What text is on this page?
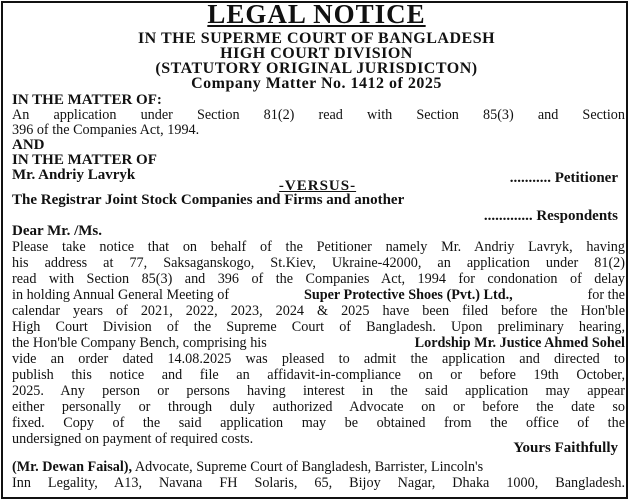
LEGAL NOTICE
IN THE SUPERME COURT OF BANGLADESH
HIGH COURT DIVISION
(STATUTORY ORIGINAL JURISDICTON)
Company Matter No. 1412 of 2025
IN THE MATTER OF:
An application under Section 81(2) read with Section 85(3) and Section
396 of the Companies Act, 1994.
AND
IN THE MATTER OF
Mr. Andriy Lavryk	........... Petitioner
-VERSUS-
The Registrar Joint Stock Companies and Firms and another
............. Respondents
Dear Mr. /Ms.
Please take notice that on behalf of the Petitioner namely Mr. Andriy Lavryk, having
his address at 77, Saksaganskogo, St.Kiev, Ukraine-42000, an application under 81(2)
read with Section 85(3) and 396 of the Companies Act, 1994 for condonation of delay
in holding Annual General Meeting of	Super Protective Shoes (Pvt.) Ltd.,	for the
calendar years of 2021, 2022, 2023, 2024 & 2025 have been filed before the Hon'ble
High Court Division of the Supreme Court of Bangladesh. Upon preliminary hearing,
the Hon'ble Company Bench, comprising his	Lordship Mr. Justice Ahmed Sohel
vide an order dated 14.08.2025 was pleased to admit the application and directed to
publish this notice and file an affidavit-in-compliance on or before 19th October,
2025. Any person or persons having interest in the said application may appear
either personally or through duly authorized Advocate on or before the date so
fixed. Copy of the said application may be obtained from the office of the
undersigned on payment of required costs.
Yours Faithfully
(Mr. Dewan Faisal), Advocate, Supreme Court of Bangladesh, Barrister, Lincoln's
Inn Legality, A13, Navana FH Solaris, 65, Bijoy Nagar, Dhaka 1000, Bangladesh.
